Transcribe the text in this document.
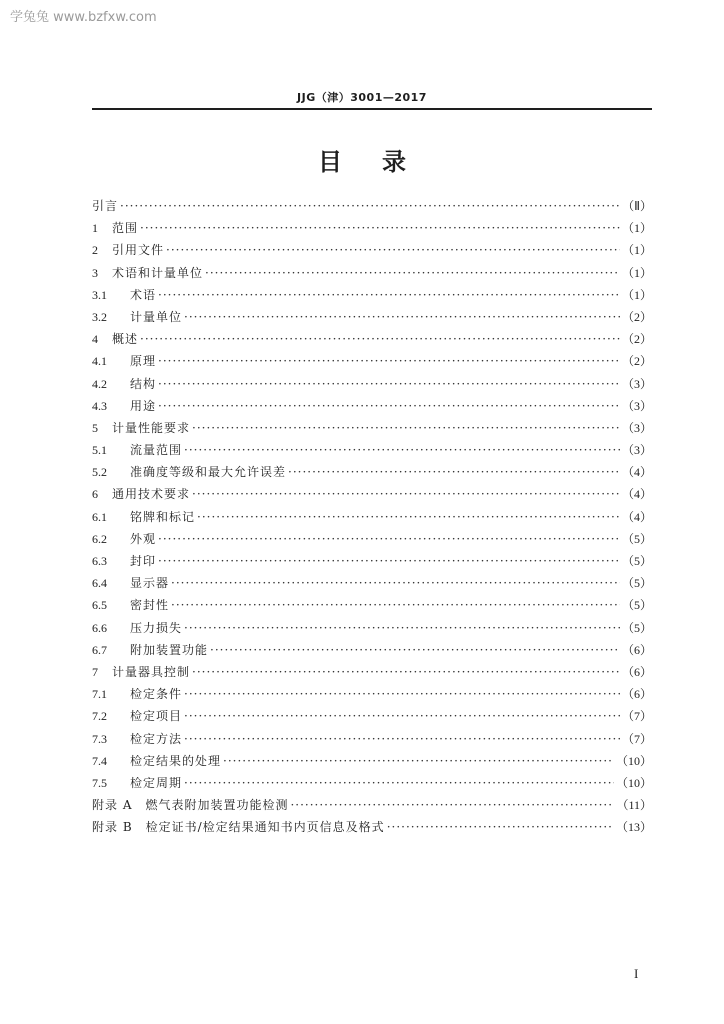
学兔兔 www.bzfxw.com
JJG（津）3001—2017
目录
引言 ·····	（Ⅱ）
1	范围 ·····	（1）
2	引用文件 ·····	（1）
3	术语和计量单位 ·····	（1）
3.1	术语 ·····	（1）
3.2	计量单位 ·····	（2）
4	概述 ·····	（2）
4.1	原理 ·····	（2）
4.2	结构 ·····	（3）
4.3	用途 ·····	（3）
5	计量性能要求 ·····	（3）
5.1	流量范围 ·····	（3）
5.2	准确度等级和最大允许误差 ·····	（4）
6	通用技术要求 ·····	（4）
6.1	铭牌和标记 ·····	（4）
6.2	外观 ·····	（5）
6.3	封印 ·····	（5）
6.4	显示器 ·····	（5）
6.5	密封性 ·····	（5）
6.6	压力损失 ·····	（5）
6.7	附加装置功能 ·····	（6）
7	计量器具控制 ·····	（6）
7.1	检定条件 ·····	（6）
7.2	检定项目 ·····	（7）
7.3	检定方法 ·····	（7）
7.4	检定结果的处理 ·····	（10）
7.5	检定周期 ·····	（10）
附录 A　燃气表附加装置功能检测 ·····	（11）
附录 B　检定证书/检定结果通知书内页信息及格式 ·····	（13）
I
